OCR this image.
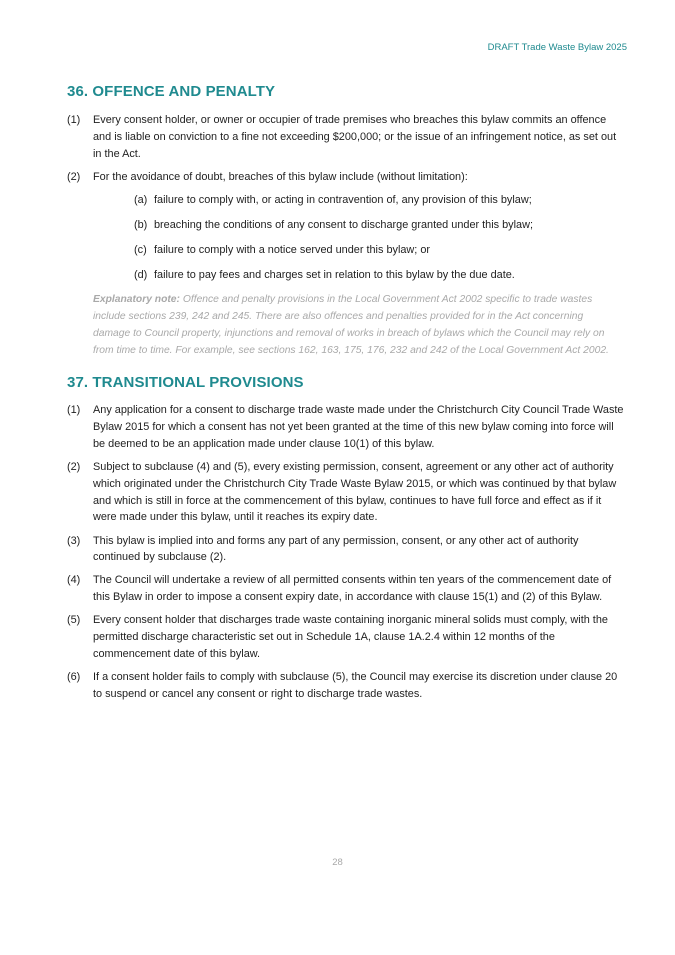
DRAFT Trade Waste Bylaw 2025
36. OFFENCE AND PENALTY
(1)	Every consent holder, or owner or occupier of trade premises who breaches this bylaw commits an offence and is liable on conviction to a fine not exceeding $200,000; or the issue of an infringement notice, as set out in the Act.
(2)	For the avoidance of doubt, breaches of this bylaw include (without limitation):
(a) failure to comply with, or acting in contravention of, any provision of this bylaw;
(b) breaching the conditions of any consent to discharge granted under this bylaw;
(c) failure to comply with a notice served under this bylaw; or
(d) failure to pay fees and charges set in relation to this bylaw by the due date.
Explanatory note: Offence and penalty provisions in the Local Government Act 2002 specific to trade wastes include sections 239, 242 and 245. There are also offences and penalties provided for in the Act concerning damage to Council property, injunctions and removal of works in breach of bylaws which the Council may rely on from time to time. For example, see sections 162, 163, 175, 176, 232 and 242 of the Local Government Act 2002.
37. TRANSITIONAL PROVISIONS
(1)	Any application for a consent to discharge trade waste made under the Christchurch City Council Trade Waste Bylaw 2015 for which a consent has not yet been granted at the time of this new bylaw coming into force will be deemed to be an application made under clause 10(1) of this bylaw.
(2)	Subject to subclause (4) and (5), every existing permission, consent, agreement or any other act of authority which originated under the Christchurch City Trade Waste Bylaw 2015, or which was continued by that bylaw and which is still in force at the commencement of this bylaw, continues to have full force and effect as if it were made under this bylaw, until it reaches its expiry date.
(3)	This bylaw is implied into and forms any part of any permission, consent, or any other act of authority continued by subclause (2).
(4)	The Council will undertake a review of all permitted consents within ten years of the commencement date of this Bylaw in order to impose a consent expiry date, in accordance with clause 15(1) and (2) of this Bylaw.
(5)	Every consent holder that discharges trade waste containing inorganic mineral solids must comply, with the permitted discharge characteristic set out in Schedule 1A, clause 1A.2.4 within 12 months of the commencement date of this bylaw.
(6)	If a consent holder fails to comply with subclause (5), the Council may exercise its discretion under clause 20 to suspend or cancel any consent or right to discharge trade wastes.
28
